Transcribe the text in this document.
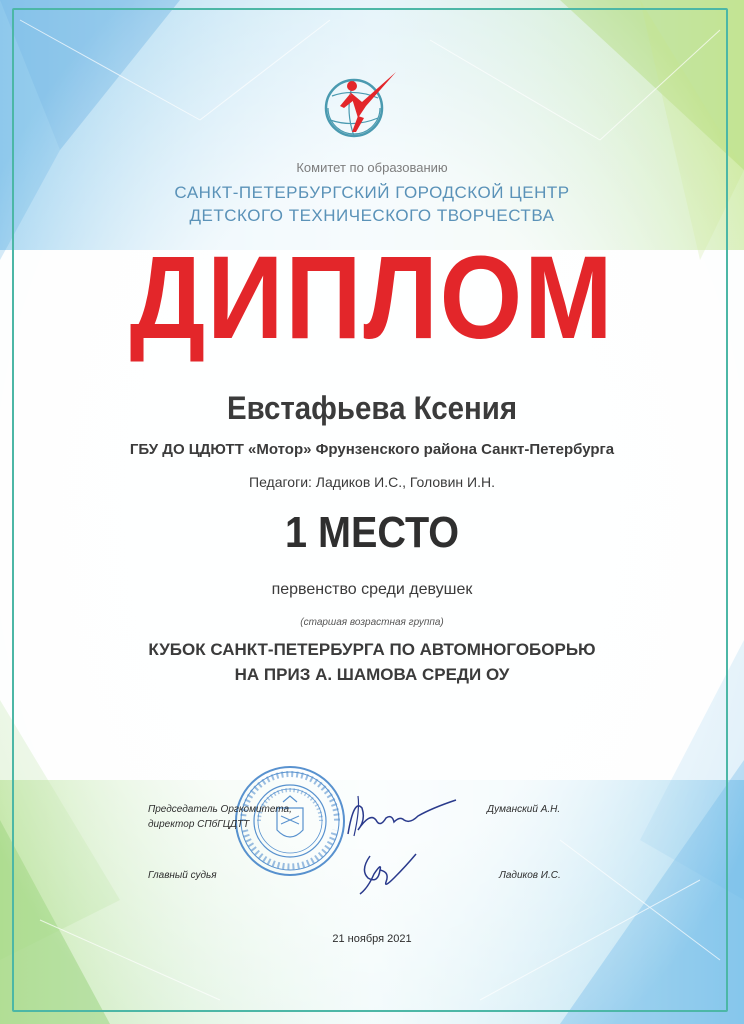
Комитет по образованию
САНКТ-ПЕТЕРБУРГСКИЙ ГОРОДСКОЙ ЦЕНТР
ДЕТСКОГО ТЕХНИЧЕСКОГО ТВОРЧЕСТВА
ДИПЛОМ
Евстафьева Ксения
ГБУ ДО ЦДЮТТ «Мотор» Фрунзенского района Санкт-Петербурга
Педагоги: Ладиков И.С., Головин И.Н.
1 МЕСТО
первенство среди девушек
(старшая возрастная группа)
КУБОК САНКТ-ПЕТЕРБУРГА ПО АВТОМНОГОБОРЬЮ
НА ПРИЗ А. ШАМОВА СРЕДИ ОУ
Председатель Оргкомитета,
директор СПбГЦДТТ
Думанский А.Н.
Главный судья	Ладиков И.С.
21 ноября 2021
